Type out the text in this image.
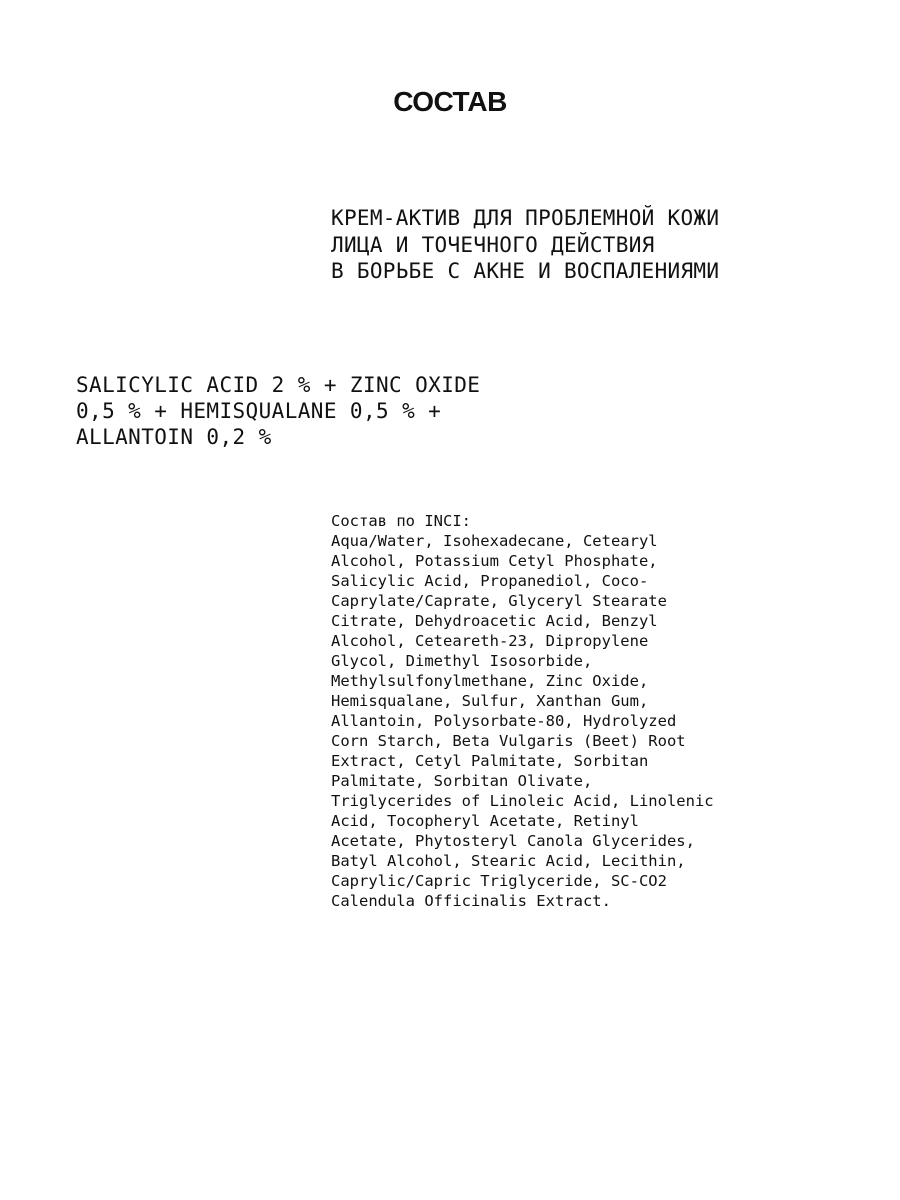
СОСТАВ
КРЕМ-АКТИВ ДЛЯ ПРОБЛЕМНОЙ КОЖИ
ЛИЦА И ТОЧЕЧНОГО ДЕЙСТВИЯ
В БОРЬБЕ С АКНЕ И ВОСПАЛЕНИЯМИ
SALICYLIC ACID 2 % + ZINC OXIDE
0,5 % + HEMISQUALANE 0,5 % +
ALLANTOIN 0,2 %
Состав по INCI:
Aqua/Water, Isohexadecane, Cetearyl
Alcohol, Potassium Cetyl Phosphate,
Salicylic Acid, Propanediol, Coco-
Caprylate/Caprate, Glyceryl Stearate
Citrate, Dehydroacetic Acid, Benzyl
Alcohol, Ceteareth-23, Dipropylene
Glycol, Dimethyl Isosorbide,
Methylsulfonylmethane, Zinc Oxide,
Hemisqualane, Sulfur, Xanthan Gum,
Allantoin, Polysorbate-80, Hydrolyzed
Corn Starch, Beta Vulgaris (Beet) Root
Extract, Cetyl Palmitate, Sorbitan
Palmitate, Sorbitan Olivate,
Triglycerides of Linoleic Acid, Linolenic
Acid, Tocopheryl Acetate, Retinyl
Acetate, Phytosteryl Canola Glycerides,
Batyl Alcohol, Stearic Acid, Lecithin,
Caprylic/Capric Triglyceride, SC-CO2
Calendula Officinalis Extract.
